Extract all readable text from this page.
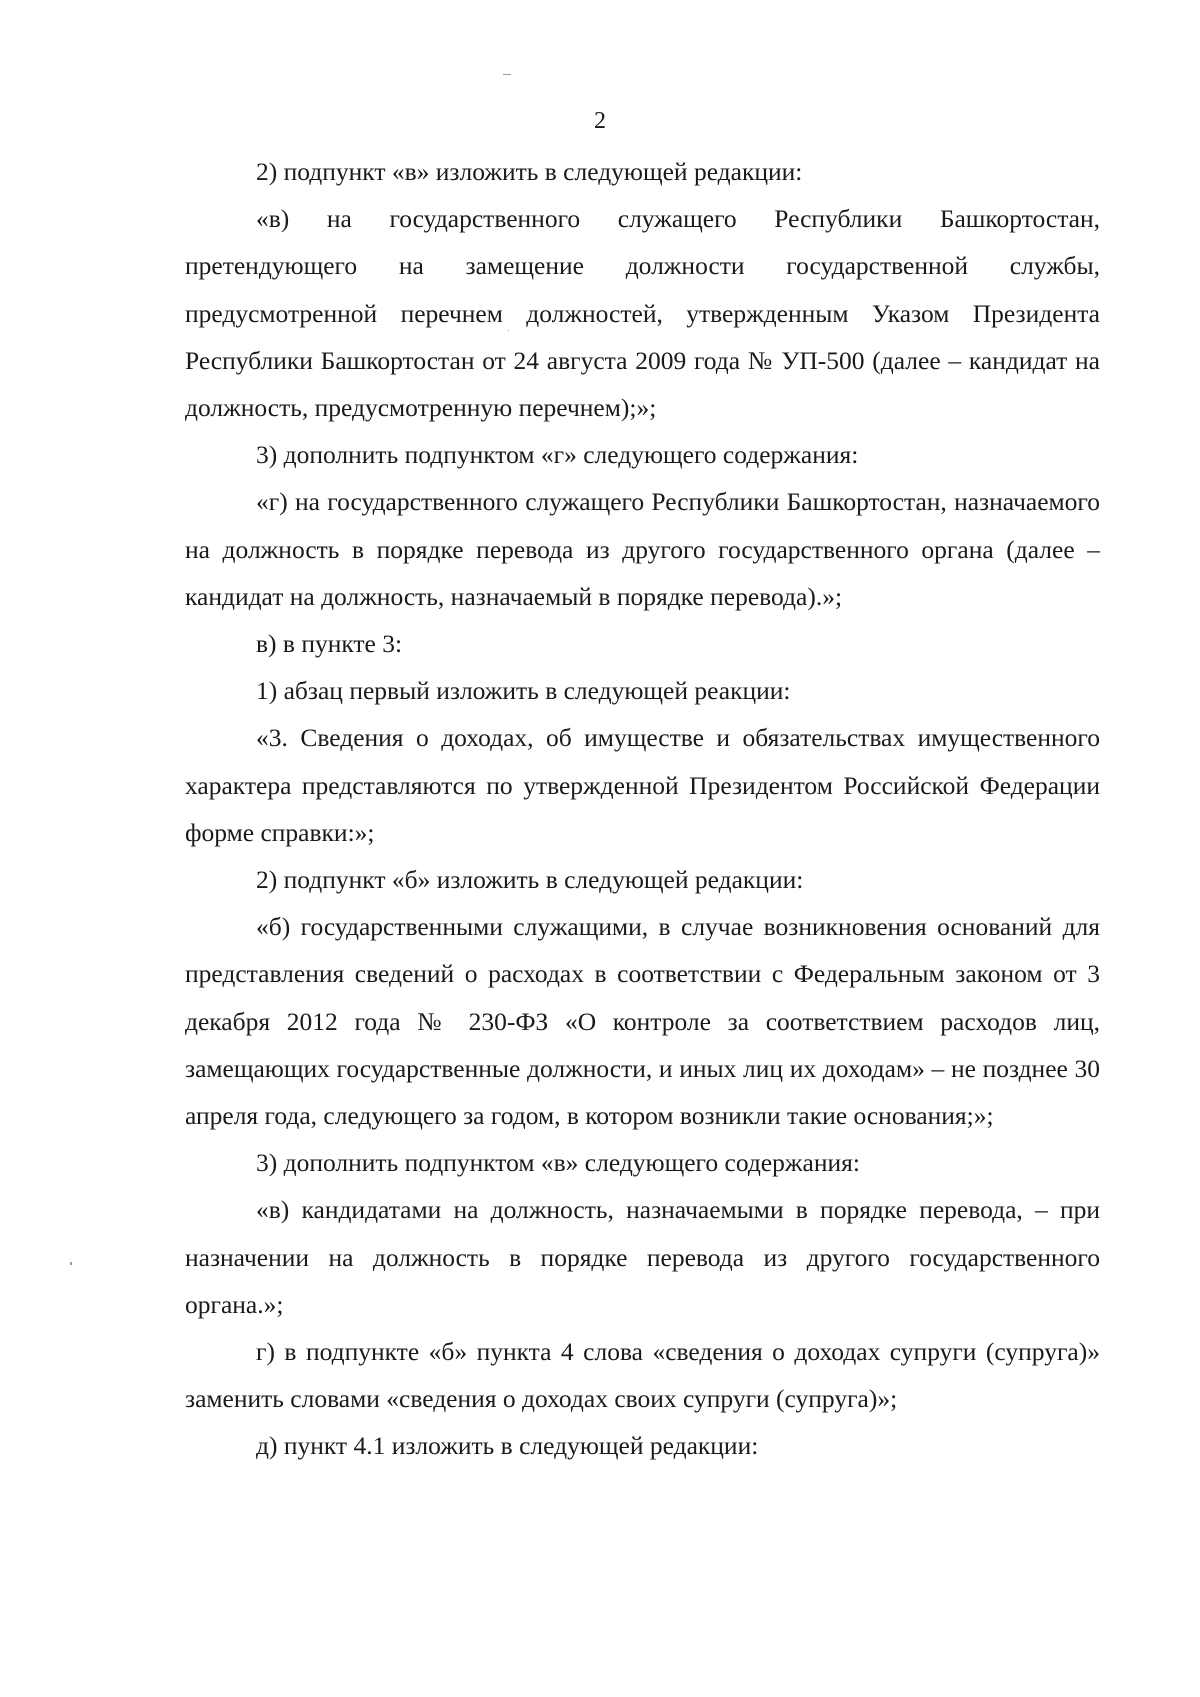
2

2) подпункт «в» изложить в следующей редакции:

«в) на государственного служащего Республики Башкортостан, претендующего на замещение должности государственной службы, предусмотренной перечнем должностей, утвержденным Указом Президента Республики Башкортостан от 24 августа 2009 года № УП-500 (далее – кандидат на должность, предусмотренную перечнем);»;

3) дополнить подпунктом «г» следующего содержания:

«г) на государственного служащего Республики Башкортостан, назначаемого на должность в порядке перевода из другого государственного органа (далее – кандидат на должность, назначаемый в порядке перевода).»;

в) в пункте 3:

1) абзац первый изложить в следующей реакции:

«3. Сведения о доходах, об имуществе и обязательствах имущественного характера представляются по утвержденной Президентом Российской Федерации форме справки:»;

2) подпункт «б» изложить в следующей редакции:

«б) государственными служащими, в случае возникновения оснований для представления сведений о расходах в соответствии с Федеральным законом от 3 декабря 2012 года № 230-ФЗ «О контроле за соответствием расходов лиц, замещающих государственные должности, и иных лиц их доходам» – не позднее 30 апреля года, следующего за годом, в котором возникли такие основания;»;

3) дополнить подпунктом «в» следующего содержания:

«в) кандидатами на должность, назначаемыми в порядке перевода, – при назначении на должность в порядке перевода из другого государственного органа.»;

г) в подпункте «б» пункта 4 слова «сведения о доходах супруги (супруга)» заменить словами «сведения о доходах своих супруги (супруга)»;

д) пункт 4.1 изложить в следующей редакции:
